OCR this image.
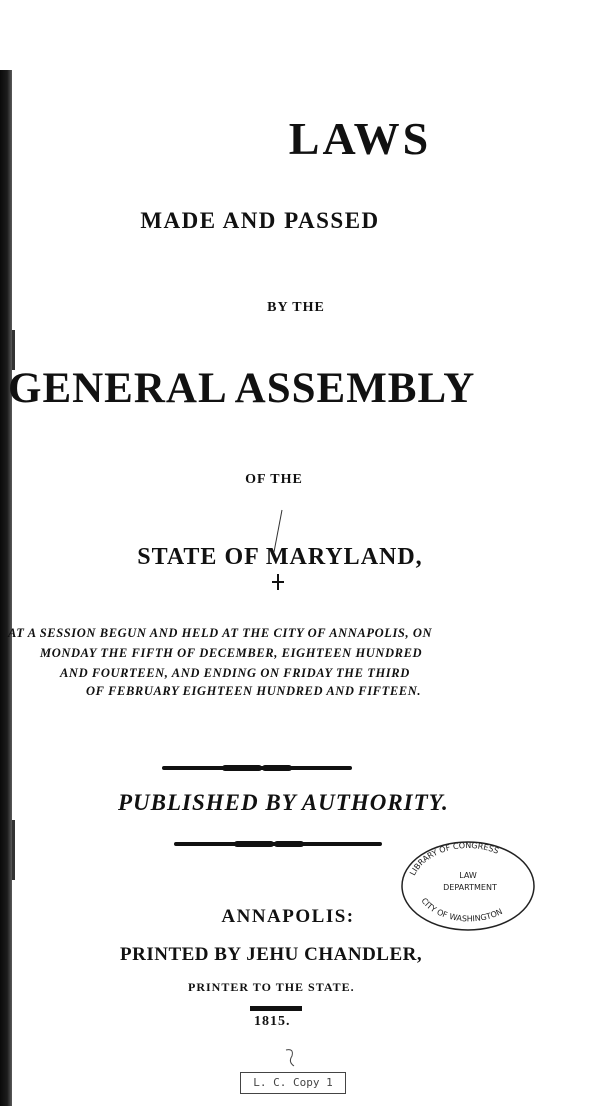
LAWS
MADE AND PASSED
BY THE
GENERAL ASSEMBLY
OF THE
STATE OF MARYLAND,
AT A SESSION BEGUN AND HELD AT THE CITY OF ANNAPOLIS, ON
MONDAY THE FIFTH OF DECEMBER, EIGHTEEN HUNDRED
AND FOURTEEN, AND ENDING ON FRIDAY THE THIRD
OF FEBRUARY EIGHTEEN HUNDRED AND FIFTEEN.
PUBLISHED BY AUTHORITY.
LIBRARY OF CONGRESS
LAW
DEPARTMENT
CITY OF WASHINGTON
ANNAPOLIS:
PRINTED BY JEHU CHANDLER,
PRINTER TO THE STATE.
1815.
L. C. Copy 1
